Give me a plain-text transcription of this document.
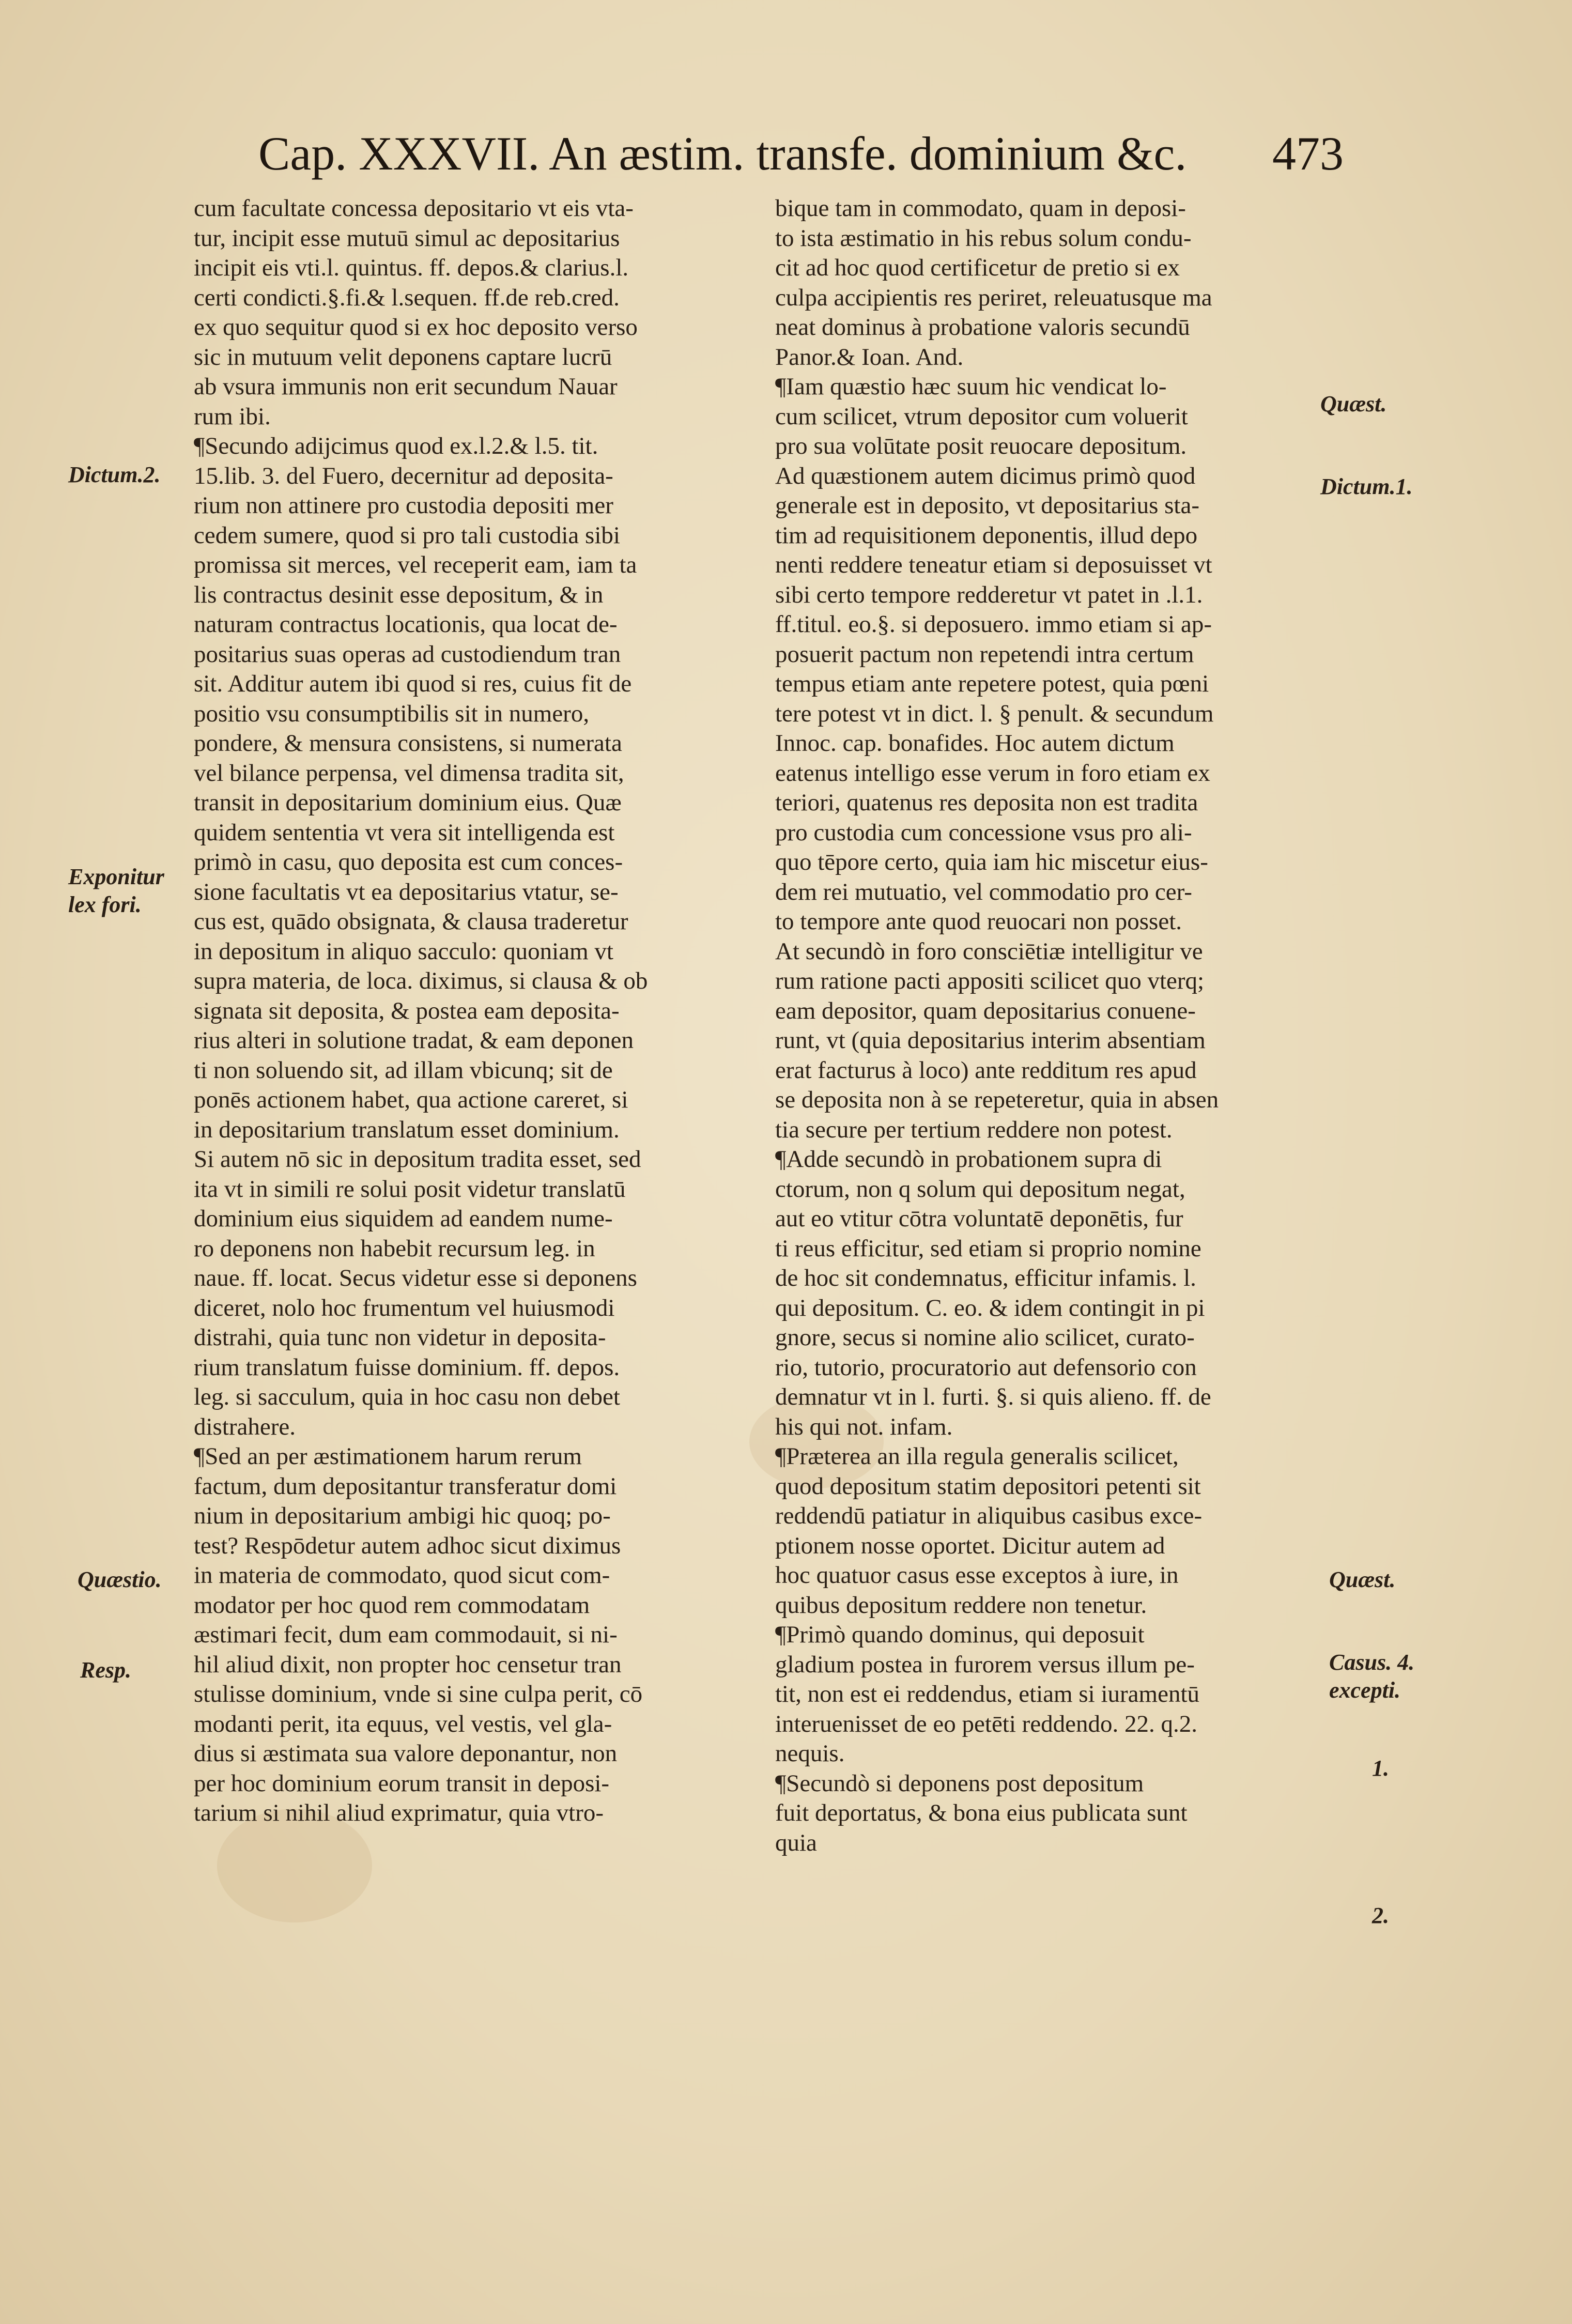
Cap. XXXVII. An æstim. transfe. dominium &c. 473
cum facultate concessa depositario vt eis vta-
tur, incipit esse mutuū simul ac depositarius
incipit eis vti.l. quintus. ff. depos.& clarius.l.
certi condicti.§.fi.& l.sequen. ff.de reb.cred.
ex quo sequitur quod si ex hoc deposito verso
sic in mutuum velit deponens captare lucrū
ab vsura immunis non erit secundum Nauar
rum ibi.
¶Secundo adijcimus quod ex.l.2.& l.5. tit.
15.lib. 3. del Fuero, decernitur ad deposita-
rium non attinere pro custodia depositi mer
cedem sumere, quod si pro tali custodia sibi
promissa sit merces, vel receperit eam, iam ta
lis contractus desinit esse depositum, & in
naturam contractus locationis, qua locat de-
positarius suas operas ad custodiendum tran
sit. Additur autem ibi quod si res, cuius fit de
positio vsu consumptibilis sit in numero,
pondere, & mensura consistens, si numerata
vel bilance perpensa, vel dimensa tradita sit,
transit in depositarium dominium eius. Quæ
quidem sententia vt vera sit intelligenda est
primò in casu, quo deposita est cum conces-
sione facultatis vt ea depositarius vtatur, se-
cus est, quādo obsignata, & clausa traderetur
in depositum in aliquo sacculo: quoniam vt
supra materia, de loca. diximus, si clausa & ob
signata sit deposita, & postea eam deposita-
rius alteri in solutione tradat, & eam deponen
ti non soluendo sit, ad illam vbicunq; sit de
ponēs actionem habet, qua actione careret, si
in depositarium translatum esset dominium.
Si autem nō sic in depositum tradita esset, sed
ita vt in simili re solui posit videtur translatū
dominium eius siquidem ad eandem nume-
ro deponens non habebit recursum leg. in
naue. ff. locat. Secus videtur esse si deponens
diceret, nolo hoc frumentum vel huiusmodi
distrahi, quia tunc non videtur in deposita-
rium translatum fuisse dominium. ff. depos.
leg. si sacculum, quia in hoc casu non debet
distrahere.
¶Sed an per æstimationem harum rerum
factum, dum depositantur transferatur domi
nium in depositarium ambigi hic quoq; po-
test? Respōdetur autem adhoc sicut diximus
in materia de commodato, quod sicut com-
modator per hoc quod rem commodatam
æstimari fecit, dum eam commodauit, si ni-
hil aliud dixit, non propter hoc censetur tran
stulisse dominium, vnde si sine culpa perit, cō
modanti perit, ita equus, vel vestis, vel gla-
dius si æstimata sua valore deponantur, non
per hoc dominium eorum transit in deposi-
tarium si nihil aliud exprimatur, quia vtro-
bique tam in commodato, quam in deposi-
to ista æstimatio in his rebus solum condu-
cit ad hoc quod certificetur de pretio si ex
culpa accipientis res periret, releuatusque ma
neat dominus à probatione valoris secundū
Panor.& Ioan. And.
¶Iam quæstio hæc suum hic vendicat lo-
cum scilicet, vtrum depositor cum voluerit
pro sua volūtate posit reuocare depositum.
Ad quæstionem autem dicimus primò quod
generale est in deposito, vt depositarius sta-
tim ad requisitionem deponentis, illud depo
nenti reddere teneatur etiam si deposuisset vt
sibi certo tempore redderetur vt patet in .l.1.
ff.titul. eo.§. si deposuero. immo etiam si ap-
posuerit pactum non repetendi intra certum
tempus etiam ante repetere potest, quia pœni
tere potest vt in dict. l. § penult. & secundum
Innoc. cap. bonafides. Hoc autem dictum
eatenus intelligo esse verum in foro etiam ex
teriori, quatenus res deposita non est tradita
pro custodia cum concessione vsus pro ali-
quo tēpore certo, quia iam hic miscetur eius-
dem rei mutuatio, vel commodatio pro cer-
to tempore ante quod reuocari non posset.
At secundò in foro consciētiæ intelligitur ve
rum ratione pacti appositi scilicet quo vterq;
eam depositor, quam depositarius conuene-
runt, vt (quia depositarius interim absentiam
erat facturus à loco) ante redditum res apud
se deposita non à se repeteretur, quia in absen
tia secure per tertium reddere non potest.
¶Adde secundò in probationem supra di
ctorum, non q solum qui depositum negat,
aut eo vtitur cōtra voluntatē deponētis, fur
ti reus efficitur, sed etiam si proprio nomine
de hoc sit condemnatus, efficitur infamis. l.
qui depositum. C. eo. & idem contingit in pi
gnore, secus si nomine alio scilicet, curato-
rio, tutorio, procuratorio aut defensorio con
demnatur vt in l. furti. §. si quis alieno. ff. de
his qui not. infam.
¶Præterea an illa regula generalis scilicet,
quod depositum statim depositori petenti sit
reddendū patiatur in aliquibus casibus exce-
ptionem nosse oportet. Dicitur autem ad
hoc quatuor casus esse exceptos à iure, in
quibus depositum reddere non tenetur.
¶Primò quando dominus, qui deposuit
gladium postea in furorem versus illum pe-
tit, non est ei reddendus, etiam si iuramentū
interuenisset de eo petēti reddendo. 22. q.2.
nequis.
¶Secundò si deponens post depositum
fuit deportatus, & bona eius publicata sunt
quia
Dictum.2.
Exponitur lex fori.
Quæstio.
Resp.
Quæst.
Dictum.1.
Quæst.
Casus. 4. excepti.
1.
2.
